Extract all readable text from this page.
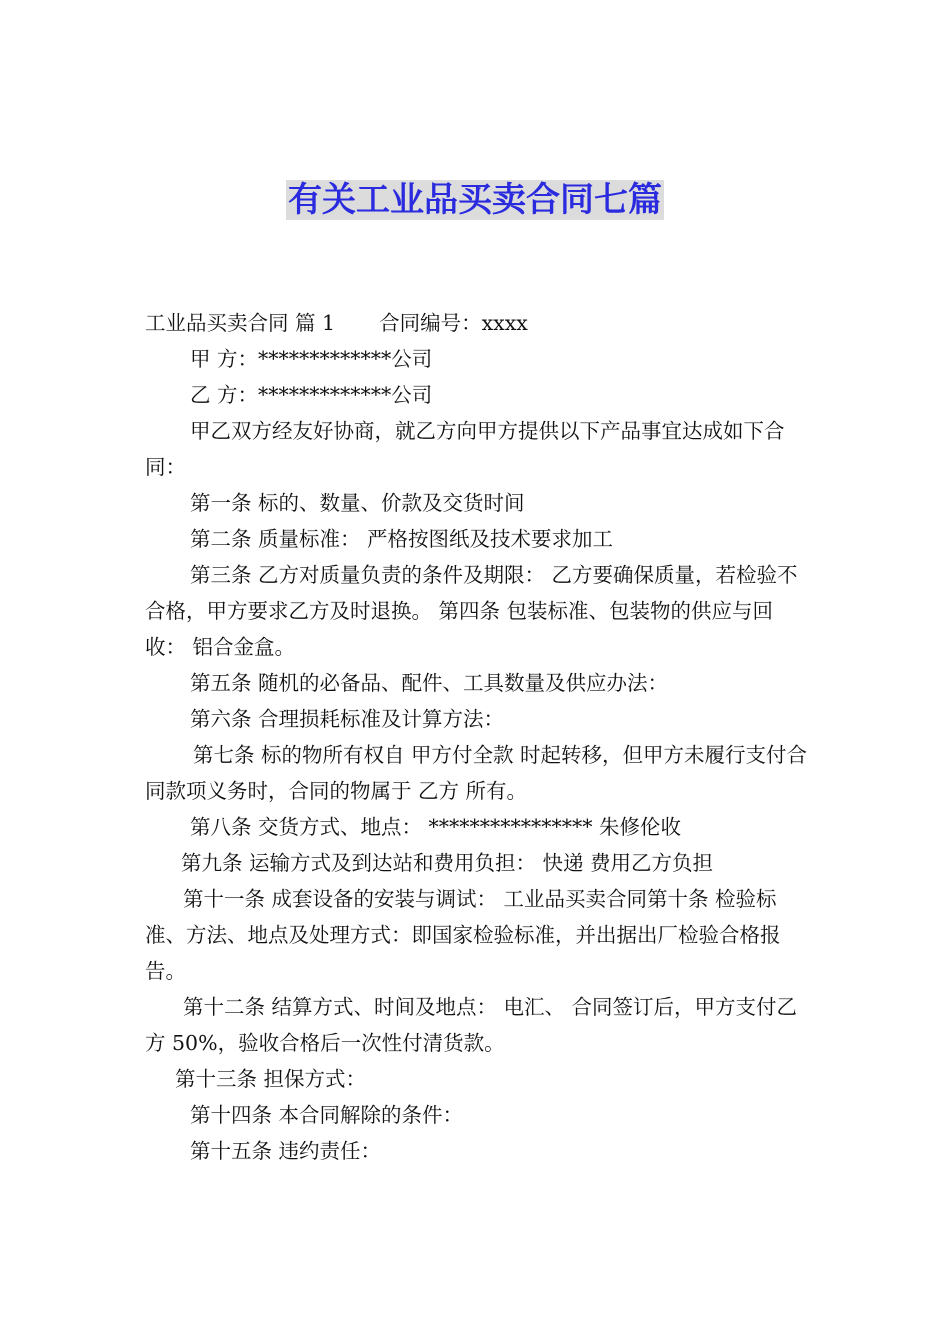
有关工业品买卖合同七篇

工业品买卖合同 篇 1 合同编号：xxxx

甲 方：*************公司

乙 方：*************公司

甲乙双方经友好协商，就乙方向甲方提供以下产品事宜达成如下合同：

第一条 标的、数量、价款及交货时间

第二条 质量标准： 严格按图纸及技术要求加工

第三条 乙方对质量负责的条件及期限： 乙方要确保质量，若检验不合格，甲方要求乙方及时退换。 第四条 包装标准、包装物的供应与回收： 铝合金盒。

第五条 随机的必备品、配件、工具数量及供应办法：

第六条 合理损耗标准及计算方法：

第七条 标的物所有权自 甲方付全款 时起转移，但甲方未履行支付合同款项义务时，合同的物属于 乙方 所有。

第八条 交货方式、地点： **************** 朱修伦收

第九条 运输方式及到达站和费用负担： 快递 费用乙方负担

第十一条 成套设备的安装与调试： 工业品买卖合同第十条 检验标准、方法、地点及处理方式：即国家检验标准，并出据出厂检验合格报告。

第十二条 结算方式、时间及地点： 电汇、 合同签订后，甲方支付乙方 50%，验收合格后一次性付清货款。

第十三条 担保方式：

第十四条 本合同解除的条件：

第十五条 违约责任：
